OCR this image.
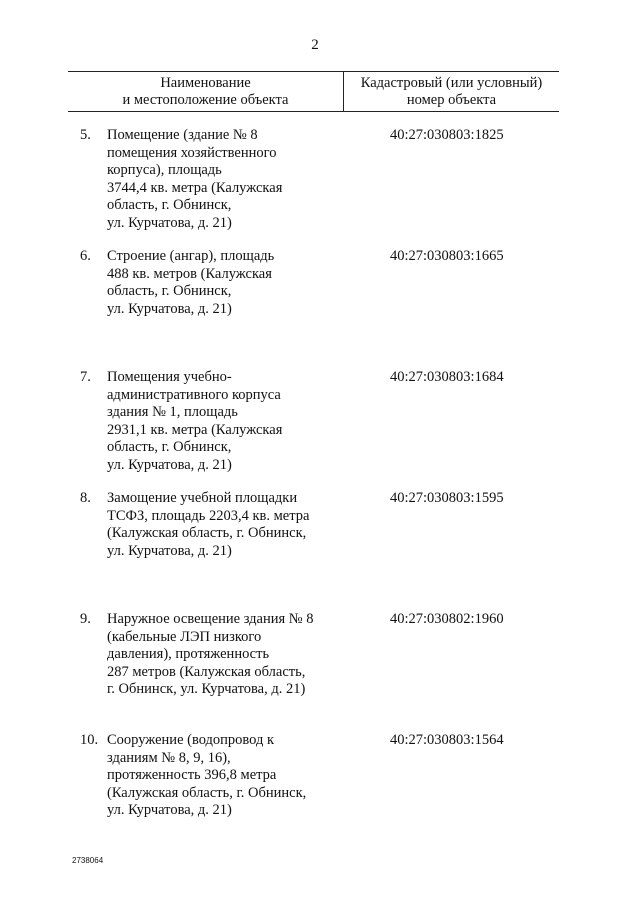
2
Наименование
и местоположение объекта
Кадастровый (или условный)
номер объекта
5. Помещение (здание № 8
помещения хозяйственного
корпуса), площадь
3744,4 кв. метра (Калужская
область, г. Обнинск,
ул. Курчатова, д. 21)
40:27:030803:1825
6. Строение (ангар), площадь
488 кв. метров (Калужская
область, г. Обнинск,
ул. Курчатова, д. 21)
40:27:030803:1665
7. Помещения учебно-
административного корпуса
здания № 1, площадь
2931,1 кв. метра (Калужская
область, г. Обнинск,
ул. Курчатова, д. 21)
40:27:030803:1684
8. Замощение учебной площадки
ТСФЗ, площадь 2203,4 кв. метра
(Калужская область, г. Обнинск,
ул. Курчатова, д. 21)
40:27:030803:1595
9. Наружное освещение здания № 8
(кабельные ЛЭП низкого
давления), протяженность
287 метров (Калужская область,
г. Обнинск, ул. Курчатова, д. 21)
40:27:030802:1960
10. Сооружение (водопровод к
зданиям № 8, 9, 16),
протяженность 396,8 метра
(Калужская область, г. Обнинск,
ул. Курчатова, д. 21)
40:27:030803:1564
2738064
